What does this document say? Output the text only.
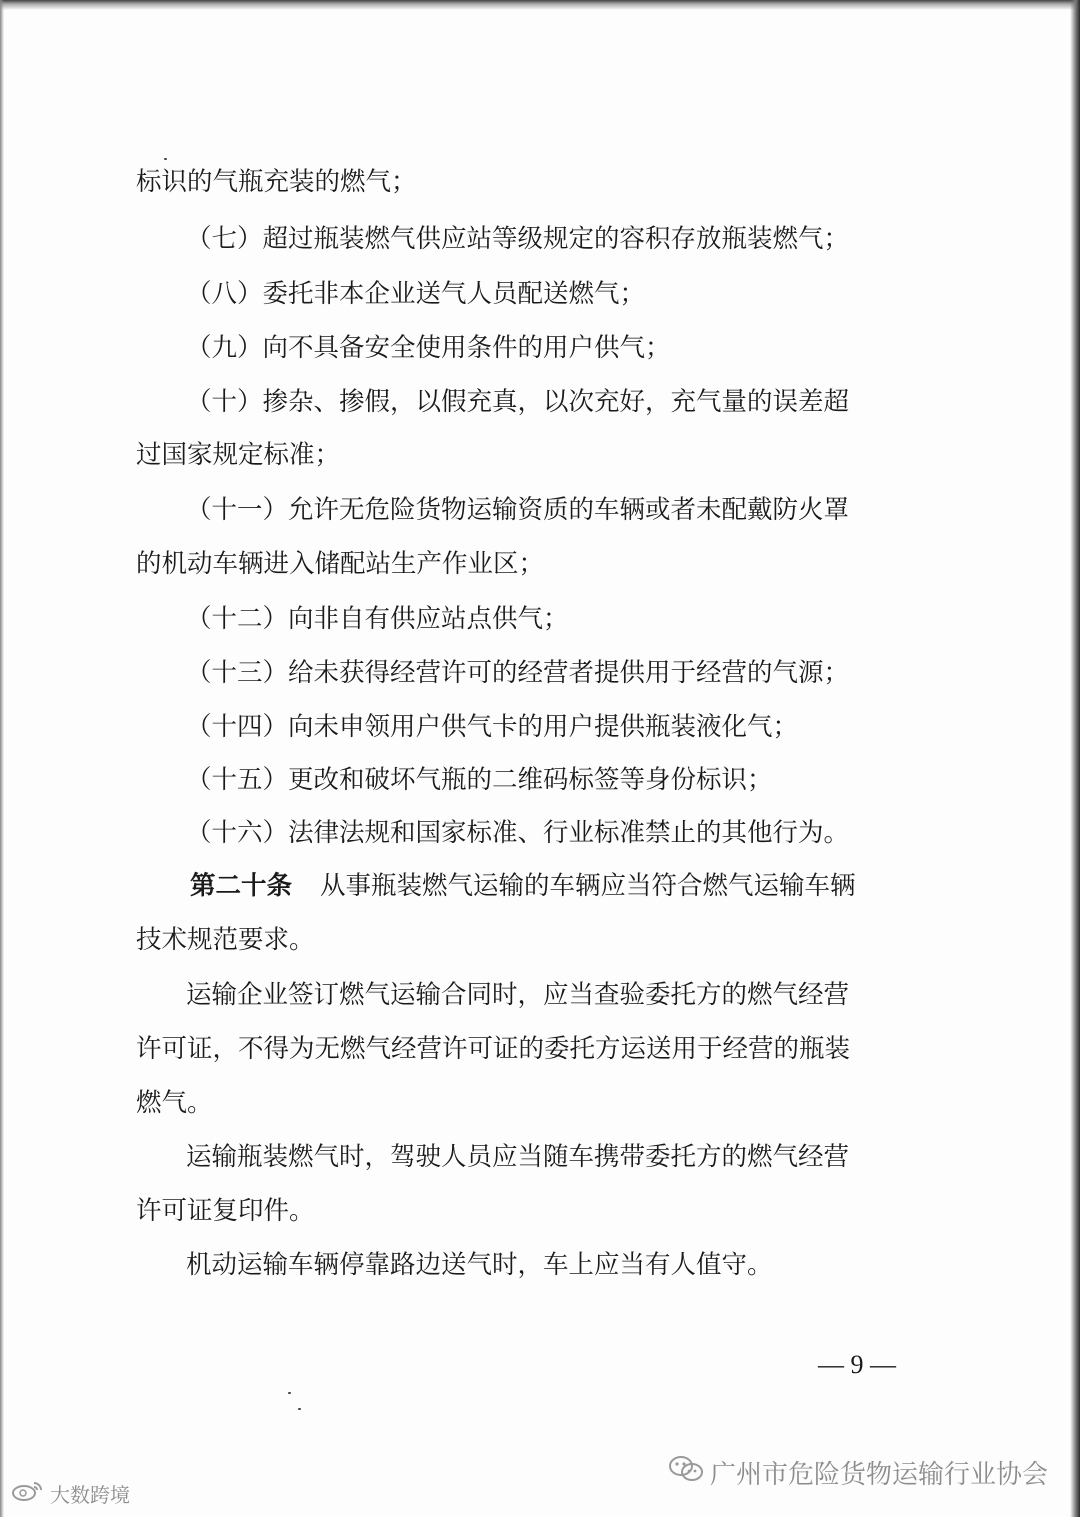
标识的气瓶充装的燃气；
（七）超过瓶装燃气供应站等级规定的容积存放瓶装燃气；
（八）委托非本企业送气人员配送燃气；
（九）向不具备安全使用条件的用户供气；
（十）掺杂、掺假，以假充真，以次充好，充气量的误差超
过国家规定标准；
（十一）允许无危险货物运输资质的车辆或者未配戴防火罩
的机动车辆进入储配站生产作业区；
（十二）向非自有供应站点供气；
（十三）给未获得经营许可的经营者提供用于经营的气源；
（十四）向未申领用户供气卡的用户提供瓶装液化气；
（十五）更改和破坏气瓶的二维码标签等身份标识；
（十六）法律法规和国家标准、行业标准禁止的其他行为。
第二十条 从事瓶装燃气运输的车辆应当符合燃气运输车辆
技术规范要求。
运输企业签订燃气运输合同时，应当查验委托方的燃气经营
许可证，不得为无燃气经营许可证的委托方运送用于经营的瓶装
燃气。
运输瓶装燃气时，驾驶人员应当随车携带委托方的燃气经营
许可证复印件。
机动运输车辆停靠路边送气时，车上应当有人值守。
— 9 —
广州市危险货物运输行业协会
大数跨境
